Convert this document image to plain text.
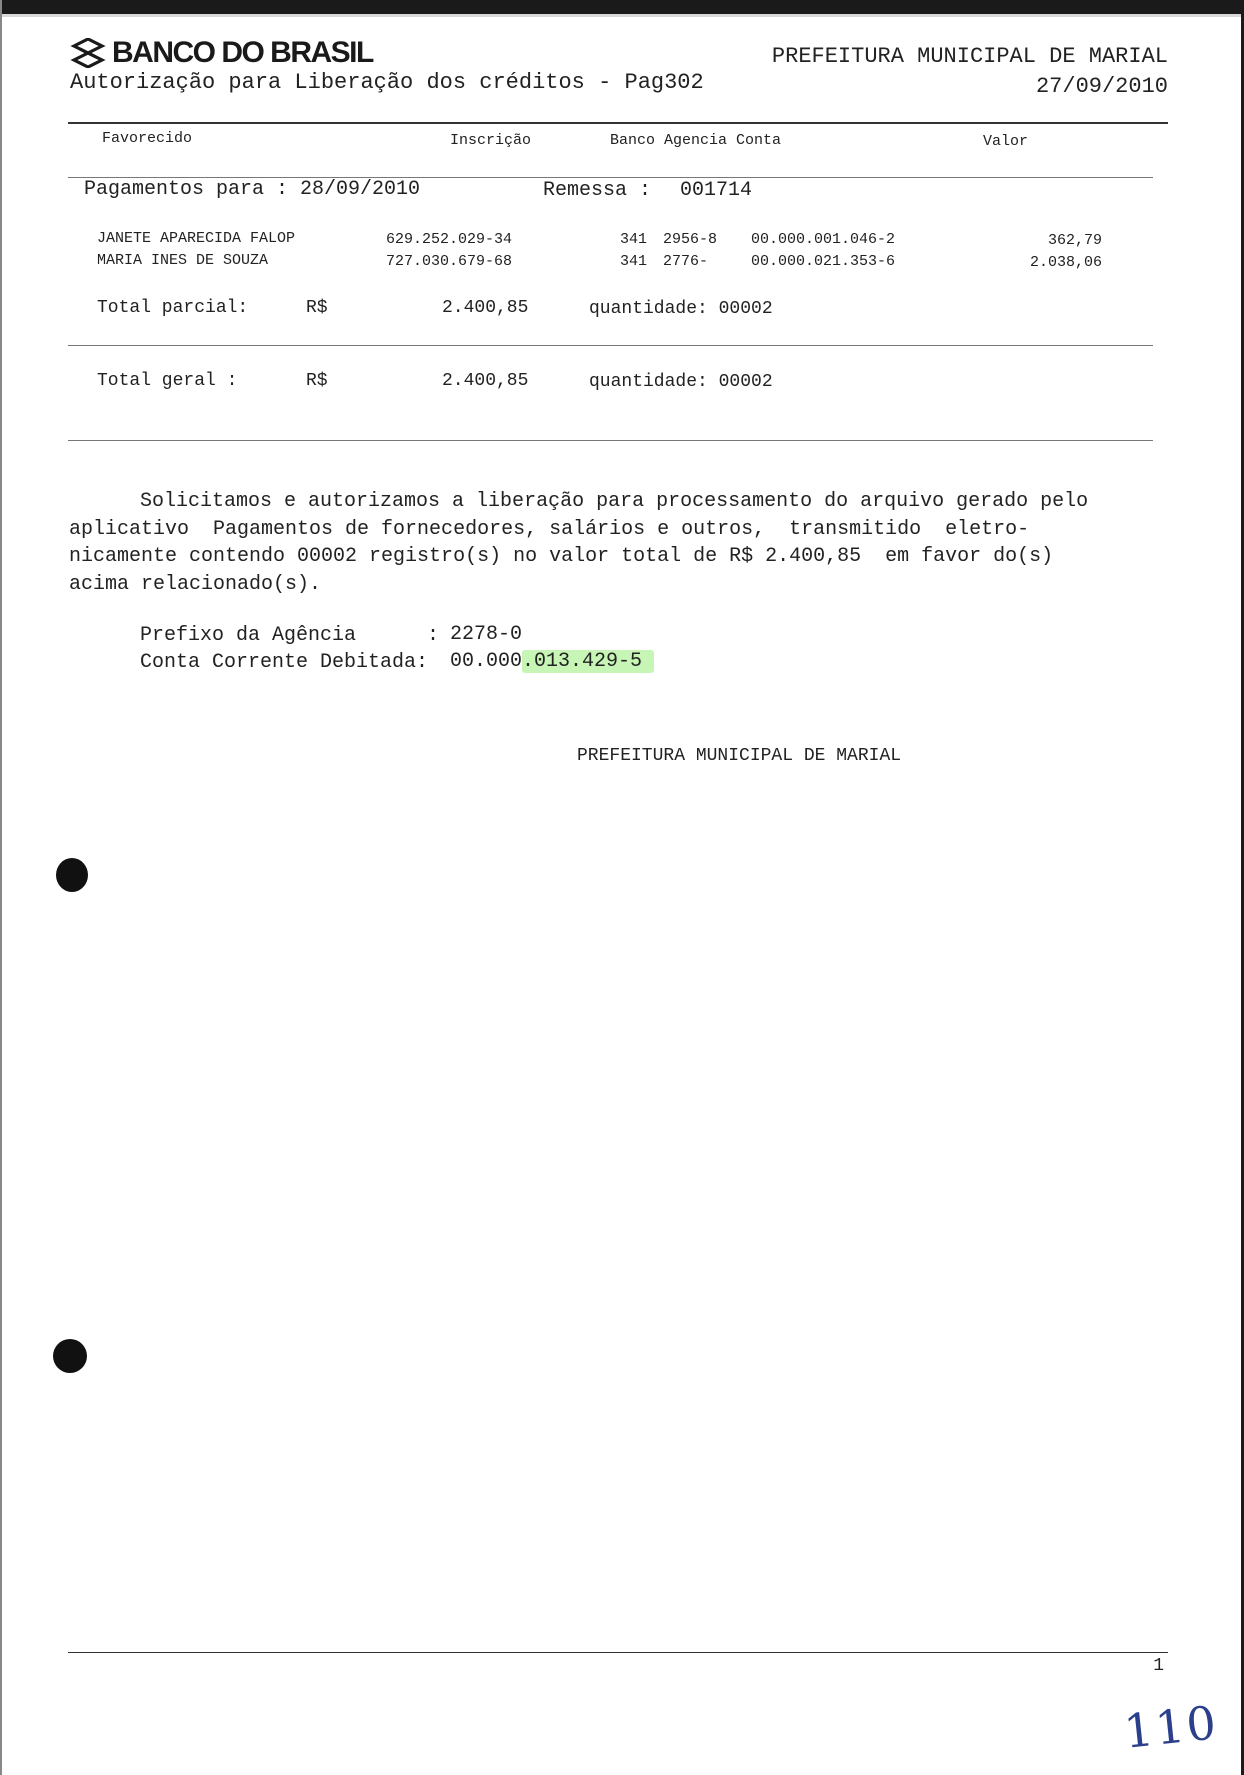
BANCO DO BRASIL
Autorização para Liberação dos créditos - Pag302
PREFEITURA MUNICIPAL DE MARIAL
27/09/2010
Favorecido	Inscrição	Banco Agencia Conta	Valor
Pagamentos para : 28/09/2010	Remessa : 001714
JANETE APARECIDA FALOP	629.252.029-34	341 2956-8 00.000.001.046-2	362,79
MARIA INES DE SOUZA	727.030.679-68	341 2776-	00.000.021.353-6	2.038,06
Total parcial:	R$	2.400,85	quantidade: 00002
Total geral :	R$	2.400,85	quantidade: 00002
Solicitamos e autorizamos a liberação para processamento do arquivo gerado pelo
aplicativo  Pagamentos de fornecedores, salários e outros,  transmitido  eletro-
nicamente contendo 00002 registro(s) no valor total de R$ 2.400,85  em favor do(s)
acima relacionado(s).
Prefixo da Agência	: 2278-0
Conta Corrente Debitada: 00.000.013.429-5
PREFEITURA MUNICIPAL DE MARIAL
1
110
